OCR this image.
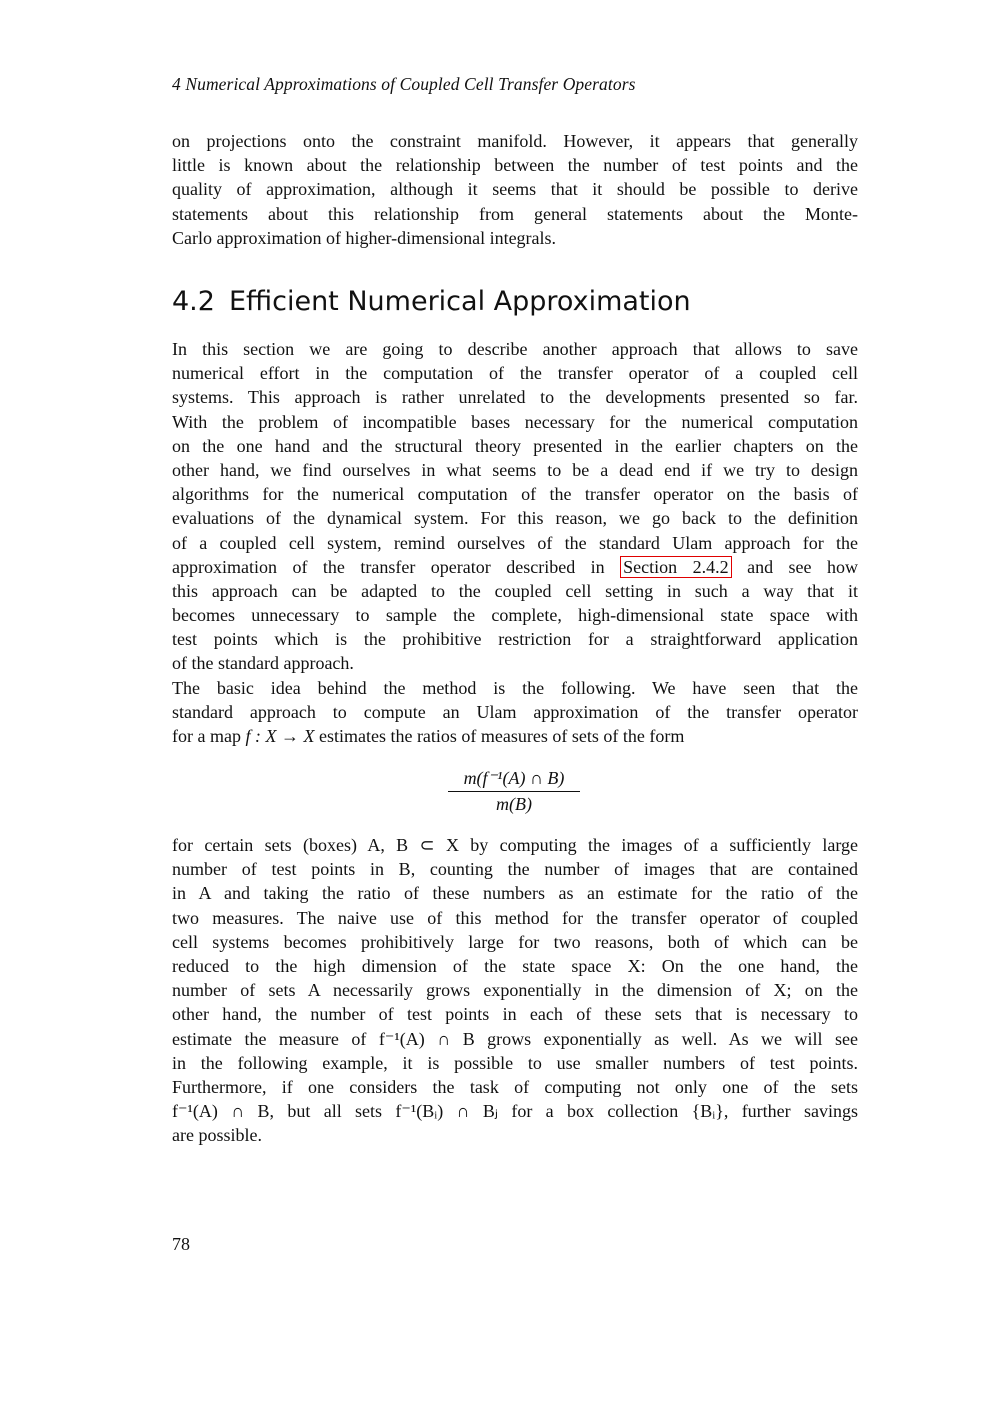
4 Numerical Approximations of Coupled Cell Transfer Operators
on projections onto the constraint manifold. However, it appears that generally
little is known about the relationship between the number of test points and the
quality of approximation, although it seems that it should be possible to derive
statements about this relationship from general statements about the Monte-
Carlo approximation of higher-dimensional integrals.
4.2 Efficient Numerical Approximation
In this section we are going to describe another approach that allows to save
numerical effort in the computation of the transfer operator of a coupled cell
systems. This approach is rather unrelated to the developments presented so far.
With the problem of incompatible bases necessary for the numerical computation
on the one hand and the structural theory presented in the earlier chapters on the
other hand, we find ourselves in what seems to be a dead end if we try to design
algorithms for the numerical computation of the transfer operator on the basis of
evaluations of the dynamical system. For this reason, we go back to the definition
of a coupled cell system, remind ourselves of the standard Ulam approach for the
approximation of the transfer operator described in Section 2.4.2 and see how
this approach can be adapted to the coupled cell setting in such a way that it
becomes unnecessary to sample the complete, high-dimensional state space with
test points which is the prohibitive restriction for a straightforward application
of the standard approach.
The basic idea behind the method is the following. We have seen that the
standard approach to compute an Ulam approximation of the transfer operator
for a map f : X → X estimates the ratios of measures of sets of the form
m(f⁻¹(A) ∩ B)
m(B)
for certain sets (boxes) A, B ⊂ X by computing the images of a sufficiently large
number of test points in B, counting the number of images that are contained
in A and taking the ratio of these numbers as an estimate for the ratio of the
two measures. The naive use of this method for the transfer operator of coupled
cell systems becomes prohibitively large for two reasons, both of which can be
reduced to the high dimension of the state space X: On the one hand, the
number of sets A necessarily grows exponentially in the dimension of X; on the
other hand, the number of test points in each of these sets that is necessary to
estimate the measure of f⁻¹(A) ∩ B grows exponentially as well. As we will see
in the following example, it is possible to use smaller numbers of test points.
Furthermore, if one considers the task of computing not only one of the sets
f⁻¹(A) ∩ B, but all sets f⁻¹(Bᵢ) ∩ Bⱼ for a box collection {Bᵢ}, further savings
are possible.
78
